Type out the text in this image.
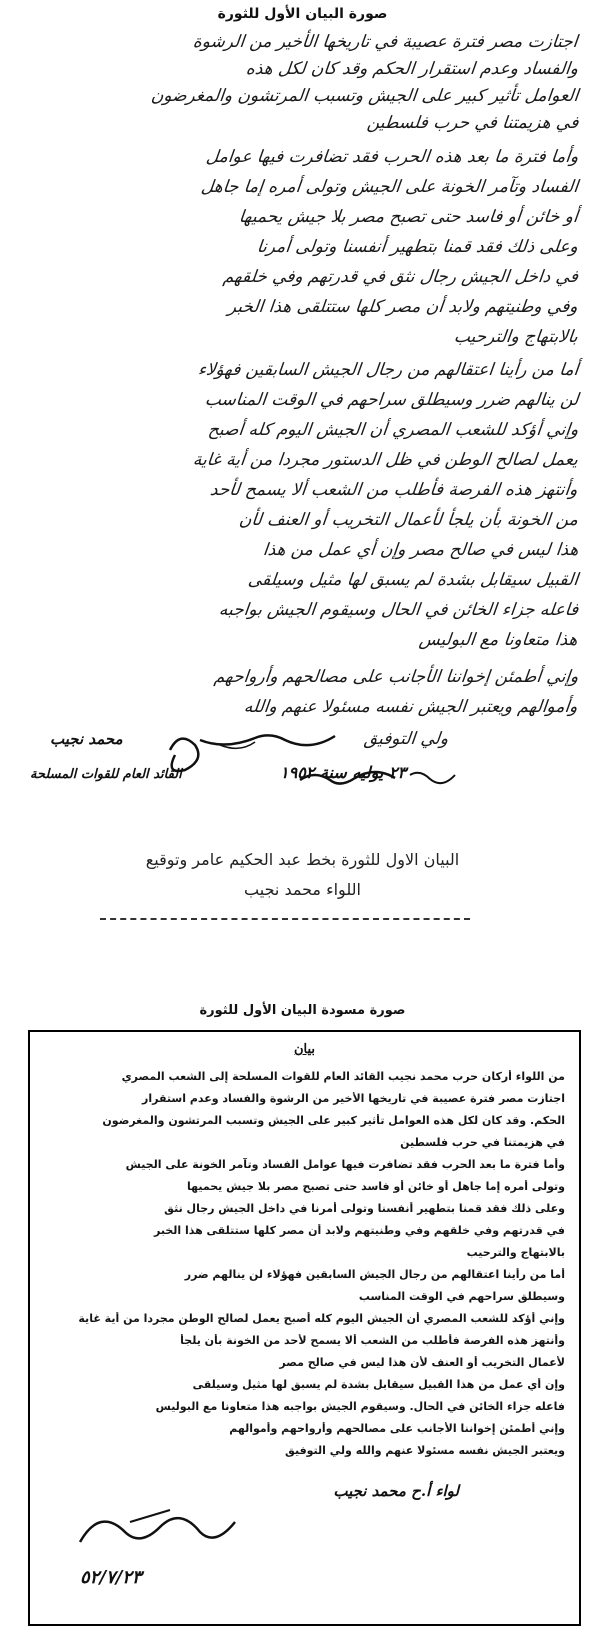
صورة البيان الأول للثورة
اجتازت مصر فترة عصيبة في تاريخها الأخير من الرشوة
والفساد وعدم استقرار الحكم وقد كان لكل هذه
العوامل تأثير كبير على الجيش وتسبب المرتشون والمغرضون
في هزيمتنا في حرب فلسطين
وأما فترة ما بعد هذه الحرب فقد تضافرت فيها عوامل
الفساد وتآمر الخونة على الجيش وتولى أمره إما جاهل
أو خائن أو فاسد حتى تصبح مصر بلا جيش يحميها
وعلى ذلك فقد قمنا بتطهير أنفسنا وتولى أمرنا
في داخل الجيش رجال نثق في قدرتهم وفي خلقهم
وفي وطنيتهم ولابد أن مصر كلها ستتلقى هذا الخبر
بالابتهاج والترحيب
أما من رأينا اعتقالهم من رجال الجيش السابقين فهؤلاء
لن ينالهم ضرر وسيطلق سراحهم في الوقت المناسب
وإني أؤكد للشعب المصري أن الجيش اليوم كله أصبح
يعمل لصالح الوطن في ظل الدستور مجردا من أية غاية
وأنتهز هذه الفرصة فأطلب من الشعب ألا يسمح لأحد
من الخونة بأن يلجأ لأعمال التخريب أو العنف لأن
هذا ليس في صالح مصر وإن أي عمل من هذا
القبيل سيقابل بشدة لم يسبق لها مثيل وسيلقى
فاعله جزاء الخائن في الحال وسيقوم الجيش بواجبه
هذا متعاونا مع البوليس
وإني أطمئن إخواننا الأجانب على مصالحهم وأرواحهم
وأموالهم ويعتبر الجيش نفسه مسئولا عنهم والله
ولي التوفيق
القائد العام للقوات المسلحة
محمد نجيب
٢٣ يوليه سنة ١٩٥٢
البيان الاول للثورة بخط عبد الحكيم عامر وتوقيع
اللواء محمد نجيب
صورة مسودة البيان الأول للثورة
بيان
من اللواء أركان حرب محمد نجيب القائد العام للقوات المسلحة إلى الشعب المصري
اجتازت مصر فترة عصيبة في تاريخها الأخير من الرشوة والفساد وعدم استقرار
الحكم. وقد كان لكل هذه العوامل تأثير كبير على الجيش وتسبب المرتشون والمغرضون
في هزيمتنا في حرب فلسطين
وأما فترة ما بعد الحرب فقد تضافرت فيها عوامل الفساد وتآمر الخونة على الجيش
وتولى أمره إما جاهل أو خائن أو فاسد حتى تصبح مصر بلا جيش يحميها
وعلى ذلك فقد قمنا بتطهير أنفسنا وتولى أمرنا في داخل الجيش رجال نثق
في قدرتهم وفي خلقهم وفي وطنيتهم ولابد أن مصر كلها ستتلقى هذا الخبر
بالابتهاج والترحيب
أما من رأينا اعتقالهم من رجال الجيش السابقين فهؤلاء لن ينالهم ضرر
وسيطلق سراحهم في الوقت المناسب
وإني أؤكد للشعب المصري أن الجيش اليوم كله أصبح يعمل لصالح الوطن مجردا من أية غاية
وأنتهز هذه الفرصة فأطلب من الشعب ألا يسمح لأحد من الخونة بأن يلجأ
لأعمال التخريب أو العنف لأن هذا ليس في صالح مصر
وإن أي عمل من هذا القبيل سيقابل بشدة لم يسبق لها مثيل وسيلقى
فاعله جزاء الخائن في الحال. وسيقوم الجيش بواجبه هذا متعاونا مع البوليس
وإني أطمئن إخواننا الأجانب على مصالحهم وأرواحهم وأموالهم
ويعتبر الجيش نفسه مسئولا عنهم والله ولي التوفيق
لواء أ.ح محمد نجيب
٥٢/٧/٢٣
